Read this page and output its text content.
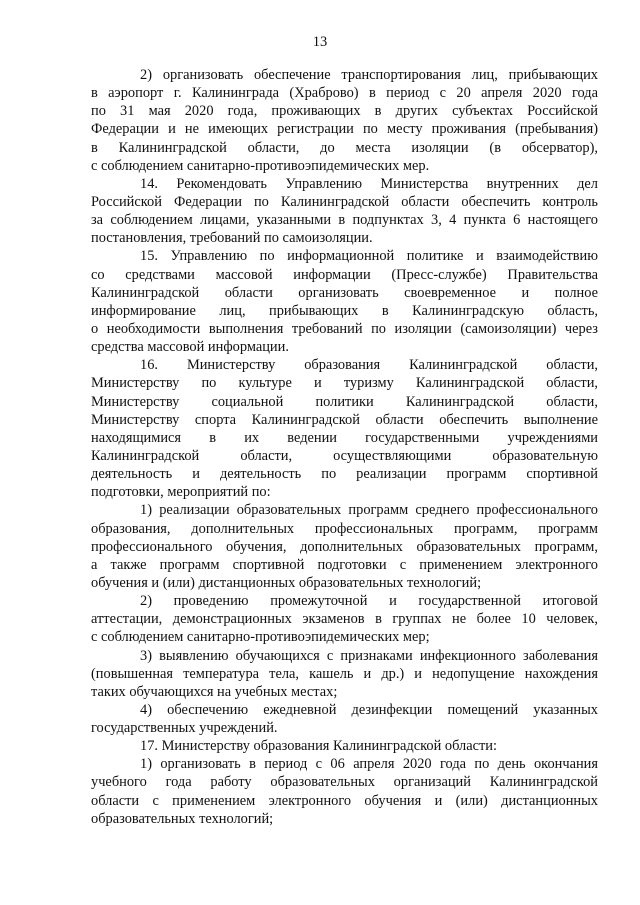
13
2) организовать обеспечение транспортирования лиц, прибывающих
в аэропорт г. Калининграда (Храброво) в период с 20 апреля 2020 года
по 31 мая 2020 года, проживающих в других субъектах Российской
Федерации и не имеющих регистрации по месту проживания (пребывания)
в Калининградской области, до места изоляции (в обсерватор),
с соблюдением санитарно-противоэпидемических мер.
14. Рекомендовать Управлению Министерства внутренних дел
Российской Федерации по Калининградской области обеспечить контроль
за соблюдением лицами, указанными в подпунктах 3, 4 пункта 6 настоящего
постановления, требований по самоизоляции.
15. Управлению по информационной политике и взаимодействию
со средствами массовой информации (Пресс-службе) Правительства
Калининградской области организовать своевременное и полное
информирование лиц, прибывающих в Калининградскую область,
о необходимости выполнения требований по изоляции (самоизоляции) через
средства массовой информации.
16. Министерству образования Калининградской области,
Министерству по культуре и туризму Калининградской области,
Министерству социальной политики Калининградской области,
Министерству спорта Калининградской области обеспечить выполнение
находящимися в их ведении государственными учреждениями
Калининградской области, осуществляющими образовательную
деятельность и деятельность по реализации программ спортивной
подготовки, мероприятий по:
1) реализации образовательных программ среднего профессионального
образования, дополнительных профессиональных программ, программ
профессионального обучения, дополнительных образовательных программ,
а также программ спортивной подготовки с применением электронного
обучения и (или) дистанционных образовательных технологий;
2) проведению промежуточной и государственной итоговой
аттестации, демонстрационных экзаменов в группах не более 10 человек,
с соблюдением санитарно-противоэпидемических мер;
3) выявлению обучающихся с признаками инфекционного заболевания
(повышенная температура тела, кашель и др.) и недопущение нахождения
таких обучающихся на учебных местах;
4) обеспечению ежедневной дезинфекции помещений указанных
государственных учреждений.
17. Министерству образования Калининградской области:
1) организовать в период с 06 апреля 2020 года по день окончания
учебного года работу образовательных организаций Калининградской
области с применением электронного обучения и (или) дистанционных
образовательных технологий;
